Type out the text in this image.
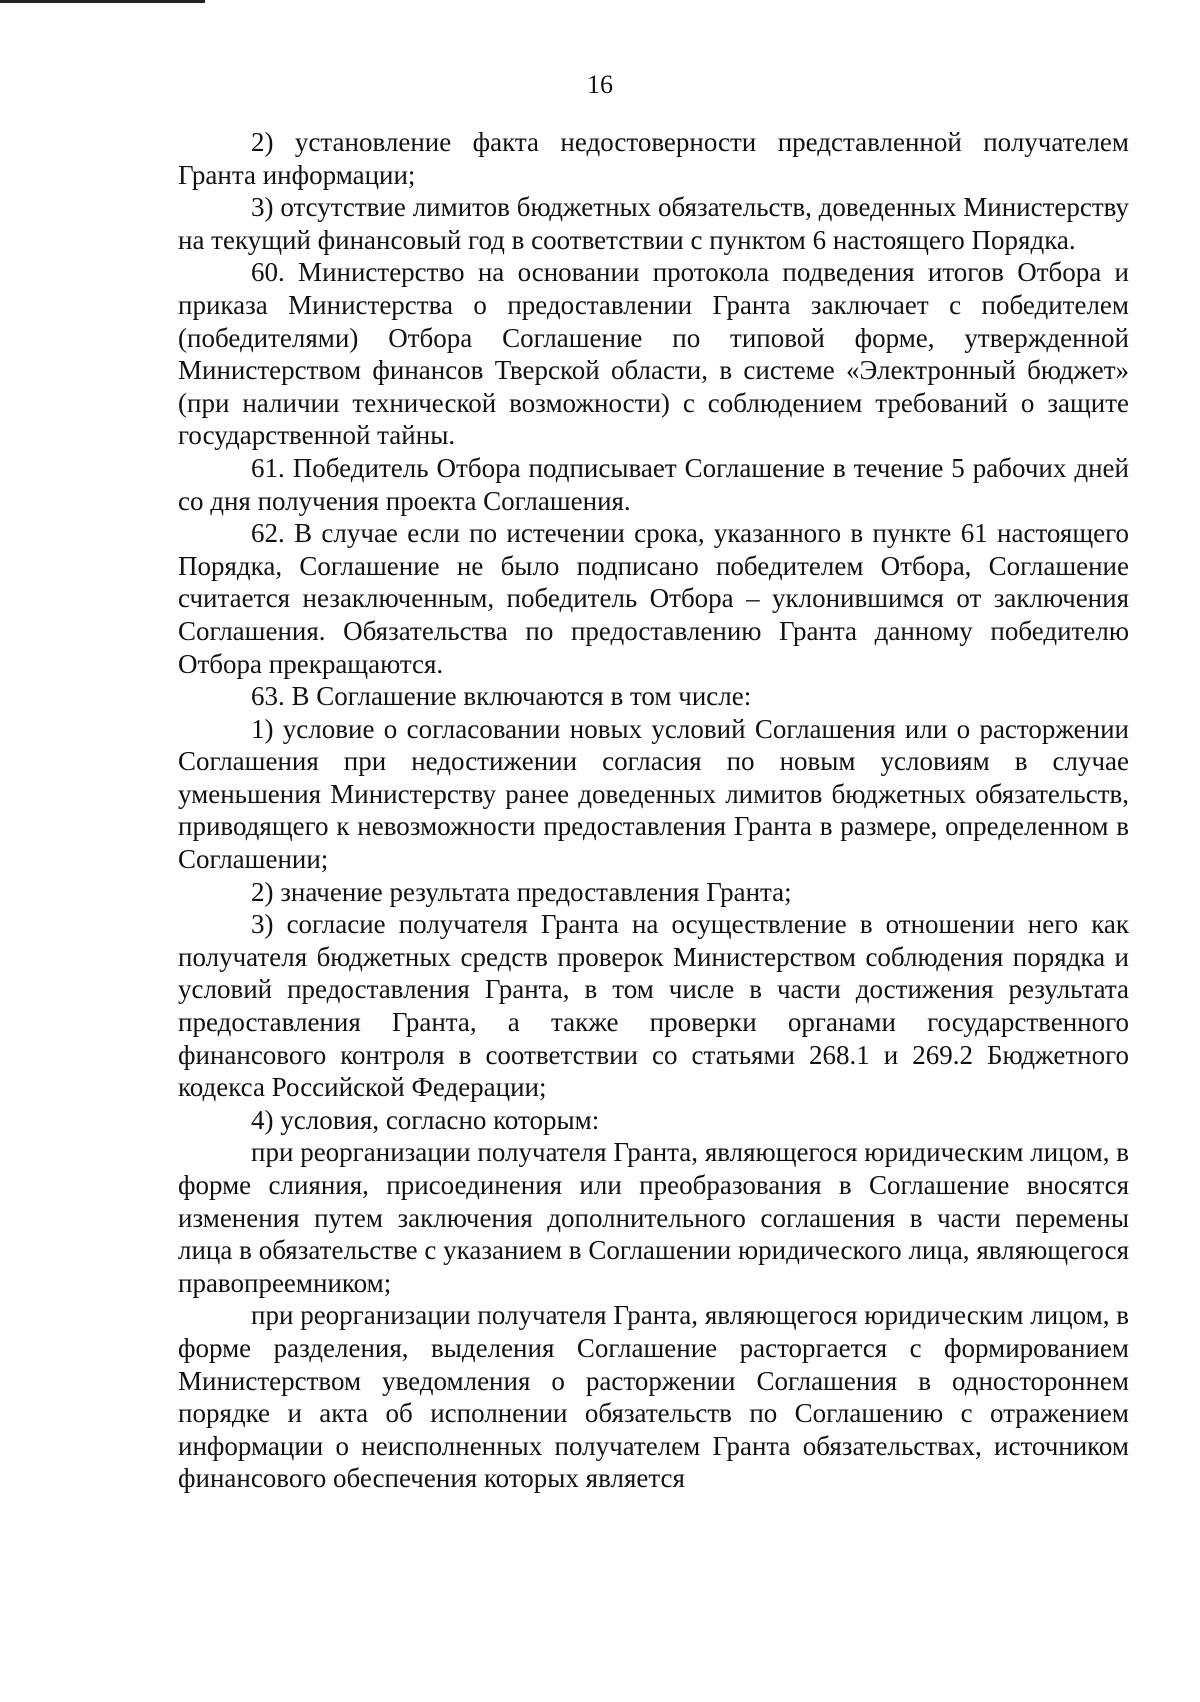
16

2) установление факта недостоверности представленной получателем Гранта информации;

3) отсутствие лимитов бюджетных обязательств, доведенных Министерству на текущий финансовый год в соответствии с пунктом 6 настоящего Порядка.

60. Министерство на основании протокола подведения итогов Отбора и приказа Министерства о предоставлении Гранта заключает с победителем (победителями) Отбора Соглашение по типовой форме, утвержденной Министерством финансов Тверской области, в системе «Электронный бюджет» (при наличии технической возможности) с соблюдением требований о защите государственной тайны.

61. Победитель Отбора подписывает Соглашение в течение 5 рабочих дней со дня получения проекта Соглашения.

62. В случае если по истечении срока, указанного в пункте 61 настоящего Порядка, Соглашение не было подписано победителем Отбора, Соглашение считается незаключенным, победитель Отбора – уклонившимся от заключения Соглашения. Обязательства по предоставлению Гранта данному победителю Отбора прекращаются.

63. В Соглашение включаются в том числе:

1) условие о согласовании новых условий Соглашения или о расторжении Соглашения при недостижении согласия по новым условиям в случае уменьшения Министерству ранее доведенных лимитов бюджетных обязательств, приводящего к невозможности предоставления Гранта в размере, определенном в Соглашении;

2) значение результата предоставления Гранта;

3) согласие получателя Гранта на осуществление в отношении него как получателя бюджетных средств проверок Министерством соблюдения порядка и условий предоставления Гранта, в том числе в части достижения результата предоставления Гранта, а также проверки органами государственного финансового контроля в соответствии со статьями 268.1 и 269.2 Бюджетного кодекса Российской Федерации;

4) условия, согласно которым:

при реорганизации получателя Гранта, являющегося юридическим лицом, в форме слияния, присоединения или преобразования в Соглашение вносятся изменения путем заключения дополнительного соглашения в части перемены лица в обязательстве с указанием в Соглашении юридического лица, являющегося правопреемником;

при реорганизации получателя Гранта, являющегося юридическим лицом, в форме разделения, выделения Соглашение расторгается с формированием Министерством уведомления о расторжении Соглашения в одностороннем порядке и акта об исполнении обязательств по Соглашению с отражением информации о неисполненных получателем Гранта обязательствах, источником финансового обеспечения которых является
